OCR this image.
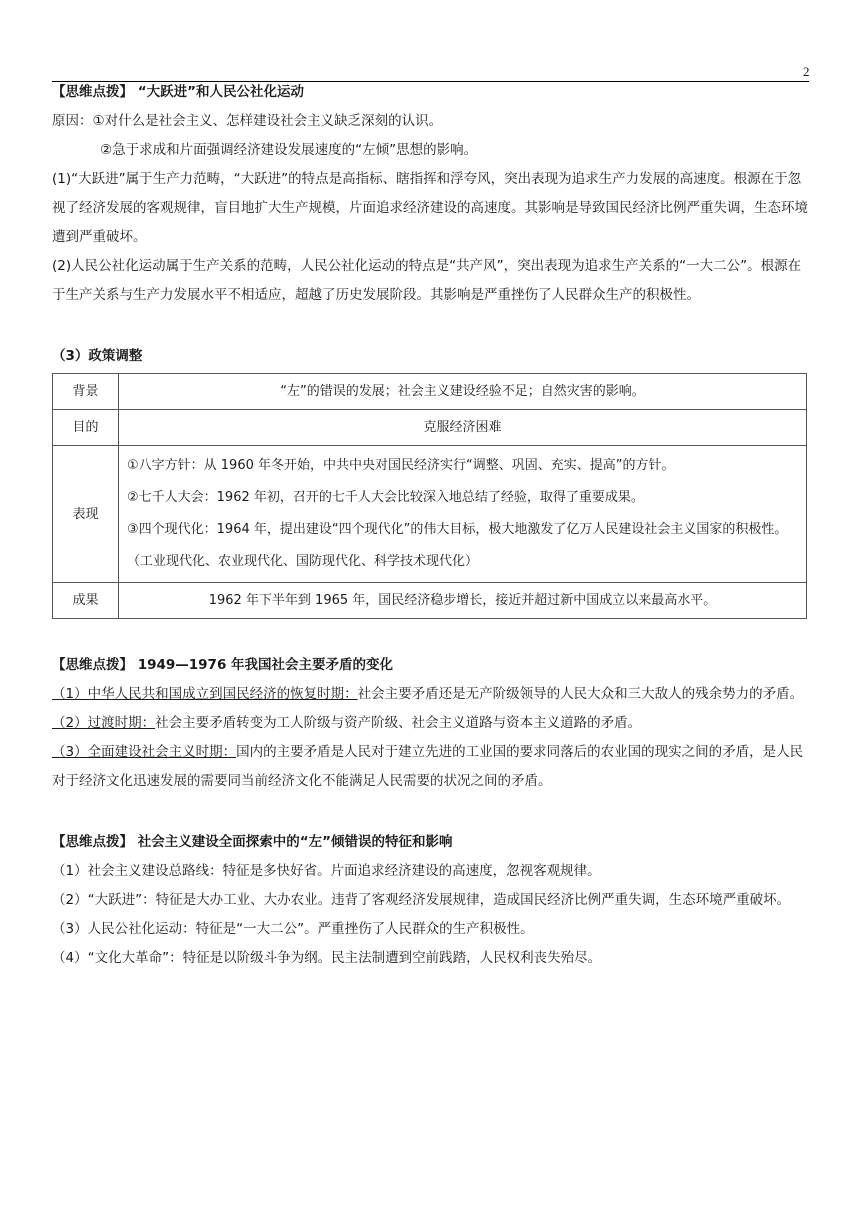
2
【思维点拨】 “大跃进”和人民公社化运动
原因：①对什么是社会主义、怎样建设社会主义缺乏深刻的认识。
②急于求成和片面强调经济建设发展速度的“左倾”思想的影响。
(1)“大跃进”属于生产力范畴，“大跃进”的特点是高指标、瞎指挥和浮夸风，突出表现为追求生产力发展的高速度。根源在于忽视了经济发展的客观规律，盲目地扩大生产规模，片面追求经济建设的高速度。其影响是导致国民经济比例严重失调，生态环境遭到严重破坏。
(2)人民公社化运动属于生产关系的范畴，人民公社化运动的特点是“共产风”，突出表现为追求生产关系的“一大二公”。根源在于生产关系与生产力发展水平不相适应，超越了历史发展阶段。其影响是严重挫伤了人民群众生产的积极性。
（3）政策调整
背景	“左”的错误的发展；社会主义建设经验不足；自然灾害的影响。
目的	克服经济困难
表现	①八字方针：从 1960 年冬开始，中共中央对国民经济实行“调整、巩固、充实、提高”的方针。
②七千人大会：1962 年初，召开的七千人大会比较深入地总结了经验，取得了重要成果。
③四个现代化：1964 年，提出建设“四个现代化”的伟大目标，极大地激发了亿万人民建设社会主义国家的积极性。（工业现代化、农业现代化、国防现代化、科学技术现代化）

成果	1962 年下半年到 1965 年，国民经济稳步增长，接近并超过新中国成立以来最高水平。
【思维点拨】 1949—1976 年我国社会主要矛盾的变化
（1）中华人民共和国成立到国民经济的恢复时期：社会主要矛盾还是无产阶级领导的人民大众和三大敌人的残余势力的矛盾。
（2）过渡时期：社会主要矛盾转变为工人阶级与资产阶级、社会主义道路与资本主义道路的矛盾。
（3）全面建设社会主义时期：国内的主要矛盾是人民对于建立先进的工业国的要求同落后的农业国的现实之间的矛盾，是人民对于经济文化迅速发展的需要同当前经济文化不能满足人民需要的状况之间的矛盾。
【思维点拨】 社会主义建设全面探索中的“左”倾错误的特征和影响
（1）社会主义建设总路线：特征是多快好省。片面追求经济建设的高速度，忽视客观规律。
（2）“大跃进”：特征是大办工业、大办农业。违背了客观经济发展规律，造成国民经济比例严重失调，生态环境严重破坏。
（3）人民公社化运动：特征是“一大二公”。严重挫伤了人民群众的生产积极性。
（4）“文化大革命”：特征是以阶级斗争为纲。民主法制遭到空前践踏，人民权利丧失殆尽。
